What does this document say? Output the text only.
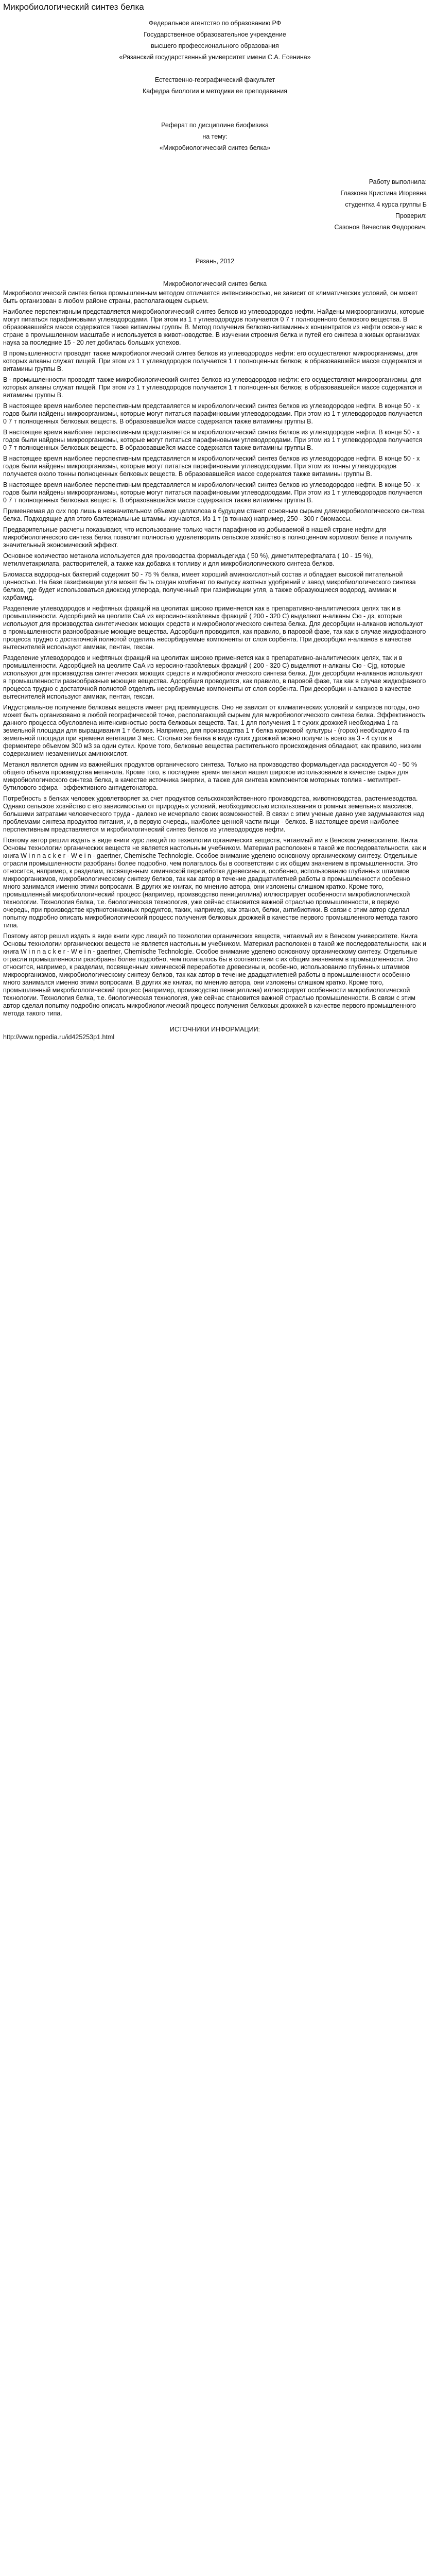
Микробиологический синтез белка

Федеральное агентство по образованию РФ

Государственное образовательное учреждение

высшего профессионального образования

«Рязанский государственный университет имени С.А. Есенина»

Естественно-географический факультет

Кафедра биологии и методики ее преподавания

Реферат по дисциплине биофизика

на тему:

«Микробиологический синтез белка»

Работу выполнила:

Глазкова Кристина Игоревна

студентка 4 курса группы Б

Проверил:

Сазонов Вячеслав Федорович.

Рязань, 2012

Микробиологический синтез белка

Микробиологический синтез белка промышленным методом отличается интенсивностью, не зависит от климатических условий, он может быть организован в любом районе страны, располагающем сырьем.

Наиболее перспективным представляется микробиологический синтез белков из углеводородов нефти. Найдены микроорганизмы, которые могут питаться парафиновыми углеводородами. При этом из 1 т углеводородов получается 0 7 т полноценного белкового вещества. В образовавшейся массе содержатся также витамины группы В. Метод получения белково-витаминных концентратов из нефти освое-у нас в стране в промышленном масштабе и используется в животноводстве. В изучении строения белка и путей его синтеза в живых организмах наука за последние 15 - 20 лет добилась больших успехов.

В промышленности проводят также микробиологический синтез белков из углеводородов нефти: его осуществляют микроорганизмы, для которых алканы служат пищей. При этом из 1 т углеводородов получается 1 т полноценных белков; в образовавшейся массе содержатся и витамины группы В.

В - промышленности проводят также микробиологический синтез белков из углеводородов нефти: его осуществляют микроорганизмы, для которых алканы служат пищей. При этом из 1 т углеводородов получается 1 т полноценных белков; в образовавшейся массе содержатся и витамины группы В.

В настоящее время наиболее перспективным представляется м икробиологический синтез белков из углеводородов нефти. В конце 50 - х годов были найдены микроорганизмы, которые могут питаться парафиновыми углеводородами. При этом из 1 т углеводородов получается 0 7 т полноценных белковых веществ. В образовавшейся массе содержатся также витамины группы В.

В настоящее время наиболее перспективным представляется м икробиологический синтез белков из углеводородов нефти. В конце 50 - х годов были найдены микроорганизмы, которые могут питаться парафиновыми углеводородами. При этом из 1 т углеводородов получается 0 7 т полноценных белковых веществ. В образовавшейся массе содержатся также витамины группы В.

В настоящее время наиболее перспективным представляется м икробиологический синтез белков из углеводородов нефти. В конце 50 - х годов были найдены микроорганизмы, которые могут питаться парафиновыми углеводородами. При этом из тонны углеводородов получается около тонны полноценных белковых веществ. В образовавшейся массе содержатся также витамины группы В.

В настоящее время наиболее перспективным представляется м икробиологический синтез белков из углеводородов нефти. В конце 50 - х годов были найдены микроорганизмы, которые могут питаться парафиновыми углеводородами. При этом из 1 т углеводородов получается 0 7 т полноценных белковых веществ. В образовавшейся массе содержатся также витамины группы В.

Применяемая до сих пор лишь в незначительном объеме целлюлоза в будущем станет основным сырьем длямикробиологического синтеза белка. Подходящие для этого бактериальные штаммы изучаются. Из 1 т (в тоннах) например, 250 - 300 г биомассы.

Предварительные расчеты показывают, что использование только части парафинов из добываемой в нашей стране нефти для микробиологического синтеза белка позволит полностью удовлетворить сельское хозяйство в полноценном кормовом белке и получить значительный экономический эффект.

Основное количество метанола используется для производства формальдегида ( 50 %), диметилтерефталата ( 10 - 15 %), метилметакрилата, растворителей, а также как добавка к топливу и для микробиологического синтеза белков.

Биомасса водородных бактерий содержит 50 - 75 % белка, имеет хороший аминокислотный состав и обладает высокой питательной ценностью. На базе газификации угля может быть создан комбинат по выпуску азотных удобрений и завод микробиологического синтеза белков, где будет использоваться диоксид углерода, полученный при газификации угля, а также образующиеся водород, аммиак и карбамид.

Разделение углеводородов и нефтяных фракций на цеолитах широко применяется как в препаративно-аналитических целях так и в промышленности. Адсорбцией на цеолите СаА из керосино-газойлевых фракций ( 200 - 320 С) выделяют н-алканы Сю - дз, которые используют для производства синтетических моющих средств и микробиологического синтеза белка. Для десорбции н-алканов используют в промышленности разнообразные моющие вещества. Адсорбция проводится, как правило, в паровой фазе, так как в случае жидкофазного процесса трудно с достаточной полнотой отделить несорбируемые компоненты от слоя сорбента. При десорбции н-алканов в качестве вытеснителей используют аммиак, пентан, гексан.

Разделение углеводородов и нефтяных фракций на цеолитах широко применяется как в препаративно-аналитических целях, так и в промышленности. Адсорбцией на цеолите СаА из керосино-газойлевых фракций ( 200 - 320 С) выделяют н-алканы Сю - Cjg, которые используют для производства синтетических моющих средств и микробиологического синтеза белка. Для десорбции н-алканов используют в промышленности разнообразные моющие вещества. Адсорбция проводится, как правило, в паровой фазе, так как в случае жидкофазного процесса трудно с достаточной полнотой отделить несорбируемые компоненты от слоя сорбента. При десорбции н-алканов в качестве вытеснителей используют аммиак, пентан, гексан.

Индустриальное получение белковых веществ имеет ряд преимуществ. Оно не зависит от климатических условий и капризов погоды, оно может быть организовано в любой географической точке, располагающей сырьем для микробиологического синтеза белка. Эффективность данного процесса обусловлена интенсивностью роста белковых веществ. Так, 1 для получения 1 т сухих дрожжей необходима 1 га земельной площади для выращивания 1 т белков. Например, для производства 1 т белка кормовой культуры - (горох) необходимо 4 га земельной площади при времени вегетации 3 мес. Столько же белка в виде сухих дрожжей можно получить всего за 3 - 4 суток в ферментере объемом 300 м3 за один сутки. Кроме того, белковые вещества растительного происхождения обладают, как правило, низким содержанием незаменимых аминокислот.

Метанол является одним из важнейших продуктов органического синтеза. Только на производство формальдегида расходуется 40 - 50 % общего объема производства метанола. Кроме того, в последнее время метанол нашел широкое использование в качестве сырья для микробиологического синтеза белка, в качестве источника энергии, а также для синтеза компонентов моторных топлив - метилтрет-бутилового эфира - эффективного антидетонатора.

Потребность в белках человек удовлетворяет за счет продуктов сельскохозяйственного производства, животноводства, растениеводства. Однако сельское хозяйство с его зависимостью от природных условий, необходимостью использования огромных земельных массивов, большими затратами человеческого труда - далеко не исчерпало своих возможностей. В связи с этим ученые давно уже задумываются над проблемами синтеза продуктов питания, и, в первую очередь, наиболее ценной части пищи - белков. В настоящее время наиболее перспективным представляется м икробиологический синтез белков из углеводородов нефти.

Поэтому автор решил издать в виде книги курс лекций по технологии органических веществ, читаемый им в Венском университете. Книга Основы технологии органических веществ не является настольным учебником. Материал расположен в такой же последовательности, как и книга W i n n a c k e r - W e i n - gaertner, Chemische Technologie. Особое внимание уделено основному органическому синтезу. Отдельные отрасли промышленности разобраны более подробно, чем полагалось бы в соответствии с их общим значением в промышленности. Это относится, например, к разделам, посвященным химической переработке древесины и, особенно, использованию глубинных штаммов микроорганизмов, микробиологическому синтезу белков, так как автор в течение двадцатилетней работы в промышленности особенно много занимался именно этими вопросами. В других же книгах, по мнению автора, они изложены слишком кратко. Кроме того, промышленный микробиологический процесс (например, производство пенициллина) иллюстрирует особенности микробиологической технологии. Технология белка, т.е. биологическая технология, уже сейчас становится важной отраслью промышленности, в первую очередь, при производстве крупнотоннажных продуктов, таких, например, как этанол, белки, антибиотики. В связи с этим автор сделал попытку подробно описать микробиологический процесс получения белковых дрожжей в качестве первого промышленного метода такого типа.

Поэтому автор решил издать в виде книги курс лекций по технологии органических веществ, читаемый им в Венском университете. Книга Основы технологии органических веществ не является настольным учебником. Материал расположен в такой же последовательности, как и книга W i n n a c k e r - W e i n - gaertner, Chemische Technologie. Особое внимание уделено основному органическому синтезу. Отдельные отрасли промышленности разобраны более подробно, чем полагалось бы в соответствии с их общим значением в промышленности. Это относится, например, к разделам, посвященным химической переработке древесины и, особенно, использованию глубинных штаммов микроорганизмов, микробиологическому синтезу белков, так как автор в течение двадцатилетней работы в промышленности особенно много занимался именно этими вопросами. В других же книгах, по мнению автора, они изложены слишком кратко. Кроме того, промышленный микробиологический процесс (например, производство пенициллина) иллюстрирует особенности микробиологической технологии. Технология белка, т.е. биологическая технология, уже сейчас становится важной отраслью промышленности. В связи с этим автор сделал попытку подробно описать микробиологический процесс получения белковых дрожжей в качестве первого промышленного метода такого типа.

ИСТОЧНИКИ ИНФОРМАЦИИ:

http://www.ngpedia.ru/id425253p1.html
